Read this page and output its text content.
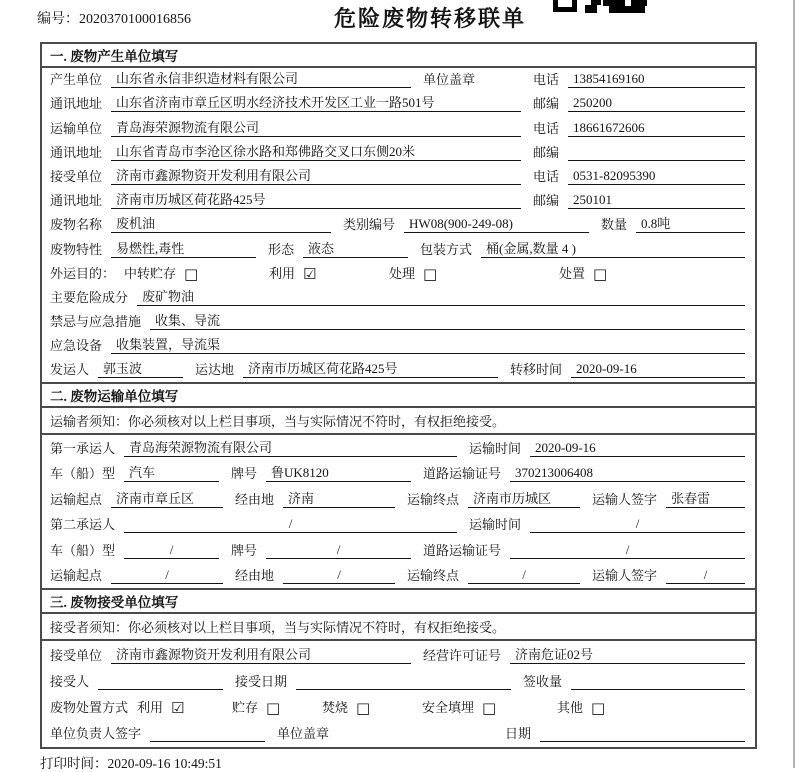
编号：2020370100016856	危险废物转移联单
一. 废物产生单位填写
产生单位	山东省永信非织造材料有限公司	单位盖章	电话	13854169160
通讯地址	山东省济南市章丘区明水经济技术开发区工业一路501号	邮编	250200
运输单位	青岛海荣源物流有限公司	电话	18661672606
通讯地址	山东省青岛市李沧区徐水路和郑佛路交叉口东侧20米	邮编
接受单位	济南市鑫源物资开发利用有限公司	电话	0531-82095390
通讯地址	济南市历城区荷花路425号	邮编	250101
废物名称	废机油	类别编号	HW08(900-249-08)	数量	0.8吨
废物特性	易燃性,毒性	形态	液态	包装方式	桶(金属,数量 4 )
外运目的： 中转贮存 □	利用 ☑	处理 □	处置 □
主要危险成分	废矿物油
禁忌与应急措施	收集、导流
应急设备	收集装置，导流渠
发运人	郭玉波	运达地	济南市历城区荷花路425号	转移时间	2020-09-16
二. 废物运输单位填写
运输者须知：你必须核对以上栏目事项，当与实际情况不符时，有权拒绝接受。
第一承运人	青岛海荣源物流有限公司	运输时间	2020-09-16
车（船）型	汽车	牌号	鲁UK8120	道路运输证号	370213006408
运输起点	济南市章丘区	经由地	济南	运输终点	济南市历城区	运输人签字	张春雷
第二承运人	/	运输时间	/
车（船）型	/	牌号	/	道路运输证号	/
运输起点	/	经由地	/	运输终点	/	运输人签字	/
三. 废物接受单位填写
接受者须知：你必须核对以上栏目事项，当与实际情况不符时，有权拒绝接受。
接受单位	济南市鑫源物资开发利用有限公司	经营许可证号	济南危证02号
接受人	接受日期	签收量
废物处置方式 利用 ☑	贮存 □	焚烧 □	安全填埋 □	其他 □
单位负责人签字	单位盖章	日期
打印时间：2020-09-16 10:49:51
